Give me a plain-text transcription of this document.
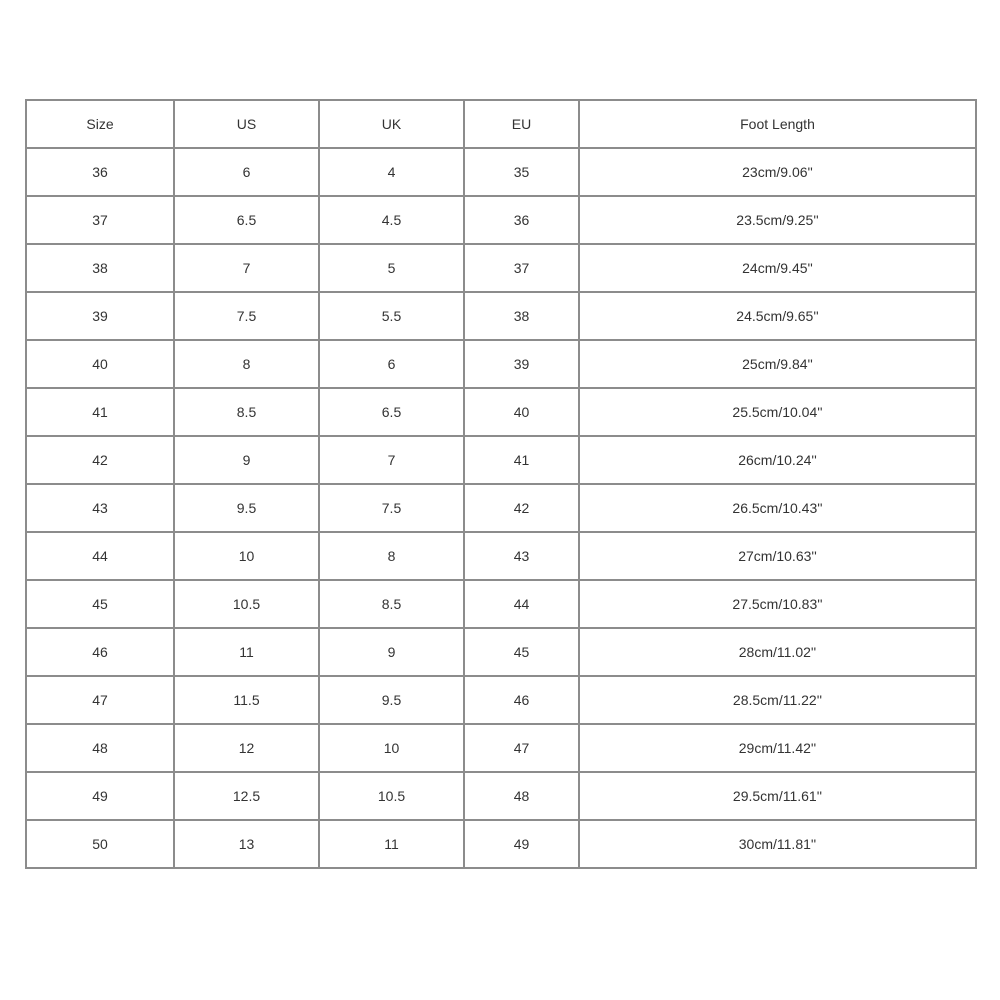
Size	US	UK	EU	Foot Length
36	6	4	35	23cm/9.06''
37	6.5	4.5	36	23.5cm/9.25''
38	7	5	37	24cm/9.45''
39	7.5	5.5	38	24.5cm/9.65''
40	8	6	39	25cm/9.84''
41	8.5	6.5	40	25.5cm/10.04''
42	9	7	41	26cm/10.24''
43	9.5	7.5	42	26.5cm/10.43''
44	10	8	43	27cm/10.63''
45	10.5	8.5	44	27.5cm/10.83''
46	11	9	45	28cm/11.02''
47	11.5	9.5	46	28.5cm/11.22''
48	12	10	47	29cm/11.42''
49	12.5	10.5	48	29.5cm/11.61''
50	13	11	49	30cm/11.81''
